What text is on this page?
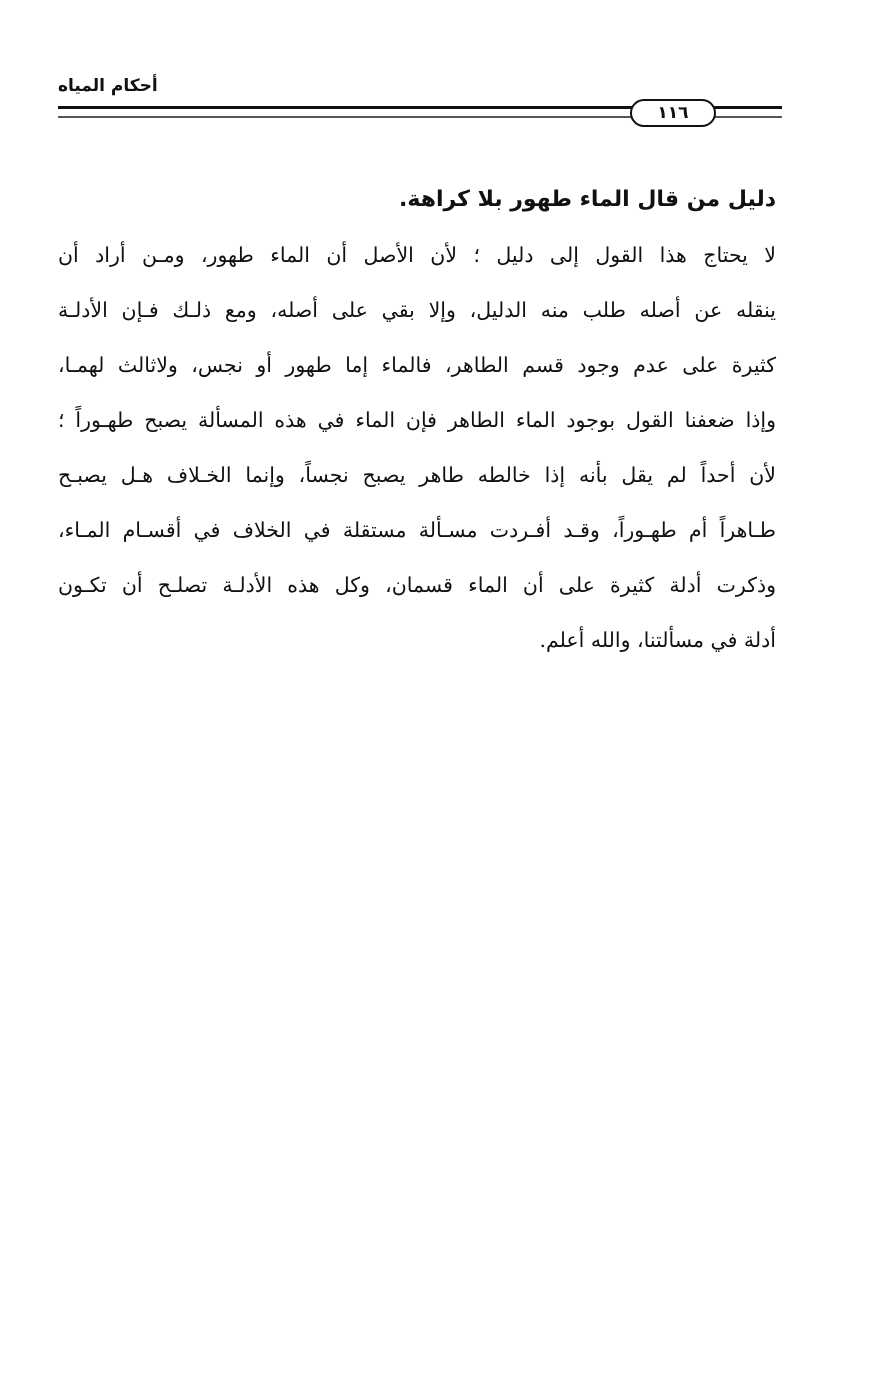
أحكام المياه
١١٦
دليل من قال الماء طهور بلا كراهة.
لا يحتاج هذا القول إلى دليل ؛ لأن الأصل أن الماء طهور، ومـن أراد أن
ينقله عن أصله طلب منه الدليل، وإلا بقي على أصله، ومع ذلـك فـإن الأدلـة
كثيرة على عدم وجود قسم الطاهر، فالماء إما طهور أو نجس، ولاثالث لهمـا،
وإذا ضعفنا القول بوجود الماء الطاهر فإن الماء في هذه المسألة يصبح طهـوراً ؛
لأن أحداً لم يقل بأنه إذا خالطه طاهر يصبح نجساً، وإنما الخـلاف هـل يصبـح
طـاهراً أم طهـوراً، وقـد أفـردت مسـألة مستقلة في الخلاف في أقسـام المـاء،
وذكرت أدلة كثيرة على أن الماء قسمان، وكل هذه الأدلـة تصلـح أن تكـون
أدلة في مسألتنا، والله أعلم.
